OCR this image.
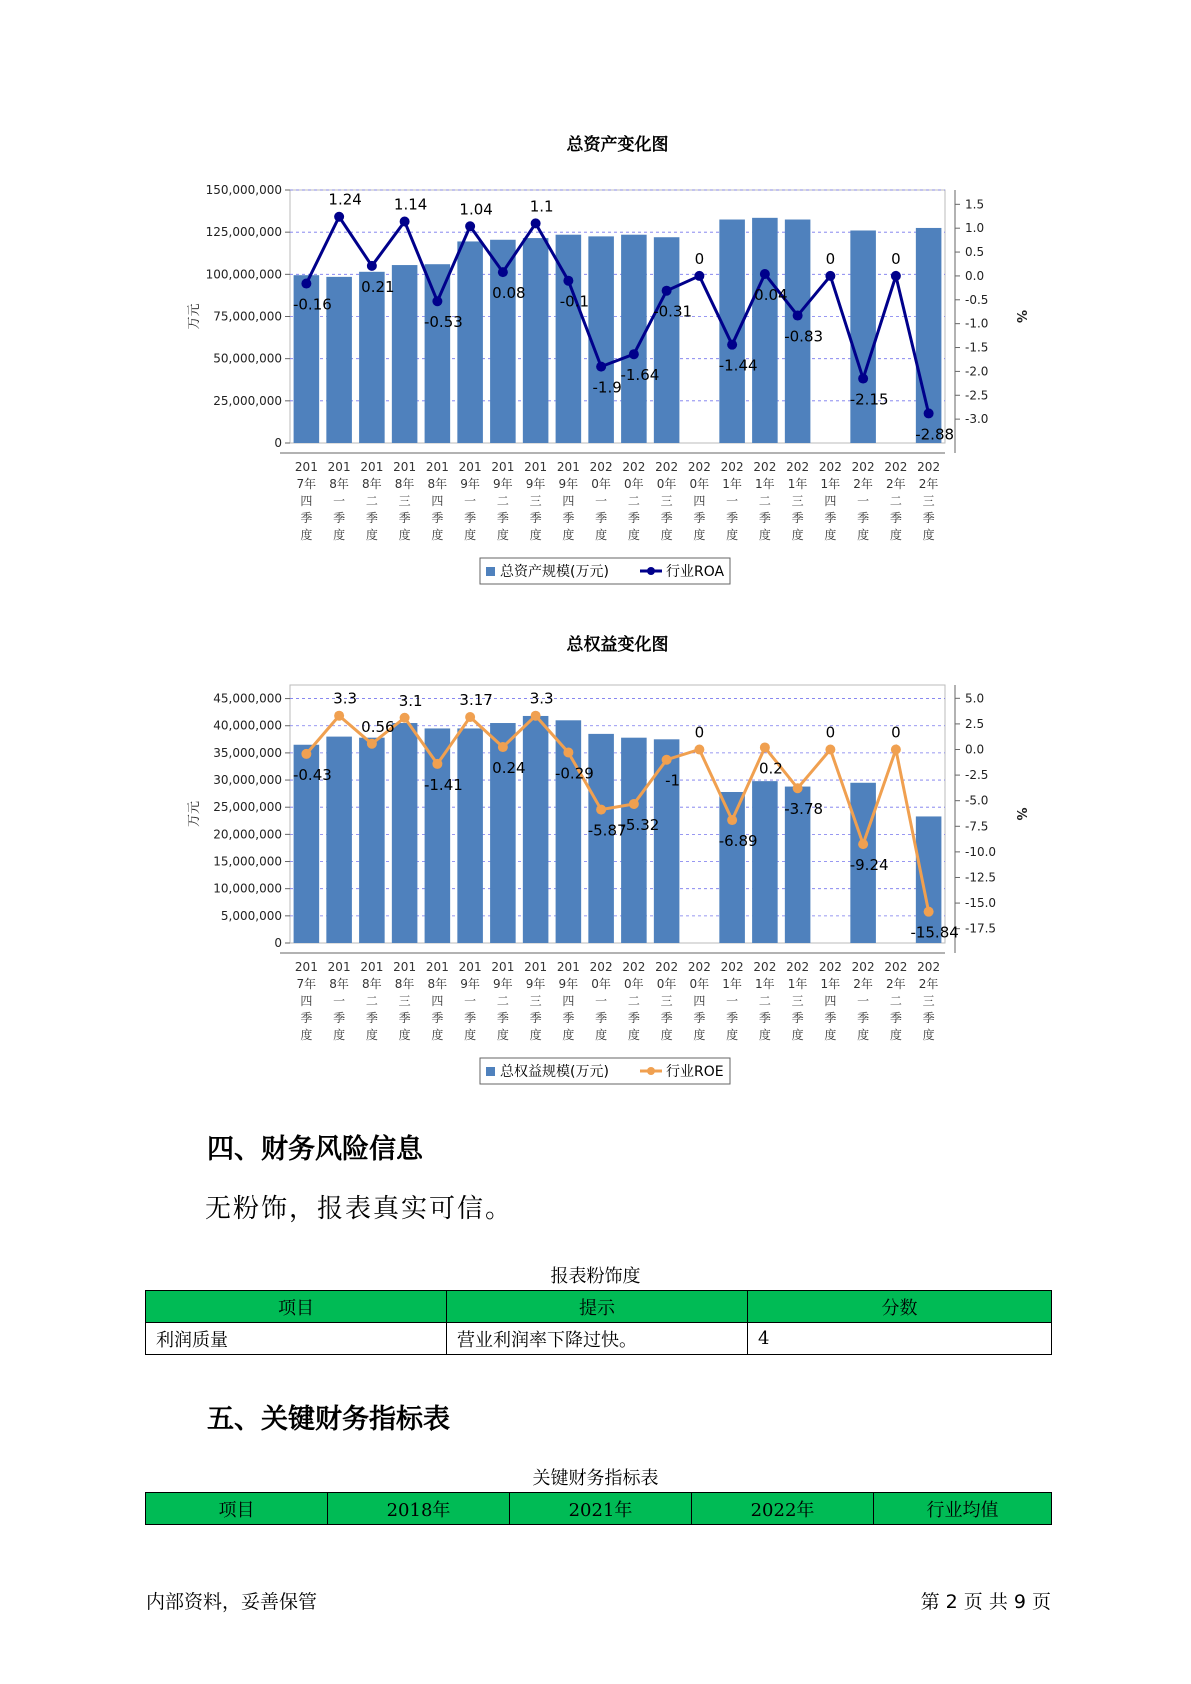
总资产变化图
0
25,000,000
50,000,000
75,000,000
100,000,000
125,000,000
150,000,000
万元
-3.0
-2.5
-2.0
-1.5
-1.0
-0.5
0.0
0.5
1.0
1.5
%
201 7年四季度
201 8年一季度
201 8年二季度
201 8年三季度
201 8年四季度
201 9年一季度
201 9年二季度
201 9年三季度
201 9年四季度
202 0年一季度
202 0年二季度
202 0年三季度
202 0年四季度
202 1年一季度
202 1年二季度
202 1年三季度
202 1年四季度
202 2年一季度
202 2年二季度
202 2年三季度
-0.16
1.24
0.21
1.14
-0.53
1.04
0.08
1.1
-0.1
-1.9
-1.64
-0.31
0
-1.44
0.04
-0.83
0
-2.15
0
-2.88
总资产规模(万元)	行业ROA
总权益变化图
0
5,000,000
10,000,000
15,000,000
20,000,000
25,000,000
30,000,000
35,000,000
40,000,000
45,000,000
万元
-17.5
-15.0
-12.5
-10.0
-7.5
-5.0
-2.5
0.0
2.5
5.0
%
201 7年四季度
201 8年一季度
201 8年二季度
201 8年三季度
201 8年四季度
201 9年一季度
201 9年二季度
201 9年三季度
201 9年四季度
202 0年一季度
202 0年二季度
202 0年三季度
202 0年四季度
202 1年一季度
202 1年二季度
202 1年三季度
202 1年四季度
202 2年一季度
202 2年二季度
202 2年三季度
-0.43
3.3
0.56
3.1
-1.41
3.17
0.24
3.3
-0.29
-5.87
-5.32
-1
0
-6.89
0.2
-3.78
0
-9.24
0
-15.84
总权益规模(万元)	行业ROE
四、财务风险信息
无粉饰，报表真实可信。
报表粉饰度
项目	提示	分数
利润质量	营业利润率下降过快。	4
五、关键财务指标表
关键财务指标表
项目	2018年	2021年	2022年	行业均值
内部资料，妥善保管	第 2 页 共 9 页
